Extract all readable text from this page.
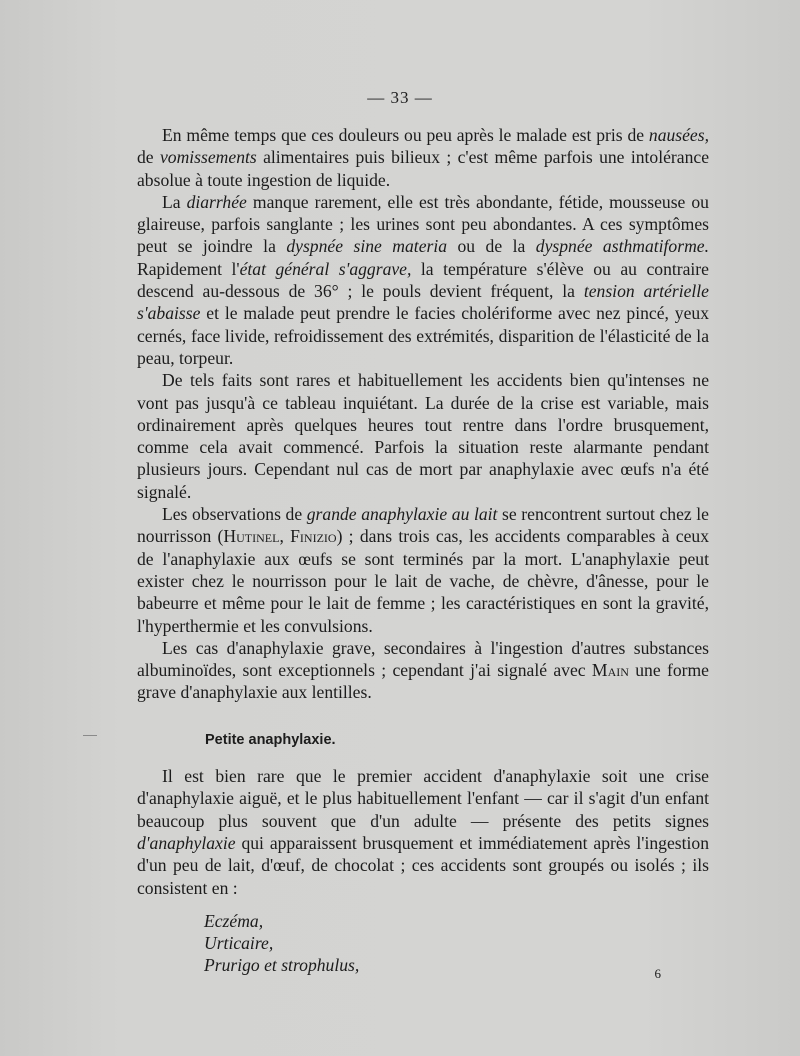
— 33 —

En même temps que ces douleurs ou peu après le malade est pris de nausées, de vomissements alimentaires puis bilieux ; c'est même parfois une intolérance absolue à toute ingestion de liquide.

La diarrhée manque rarement, elle est très abondante, fétide, mousseuse ou glaireuse, parfois sanglante ; les urines sont peu abondantes. A ces symptômes peut se joindre la dyspnée sine materia ou de la dyspnée asthmatiforme. Rapidement l'état général s'aggrave, la température s'élève ou au contraire descend au-dessous de 36° ; le pouls devient fréquent, la tension artérielle s'abaisse et le malade peut prendre le facies cholériforme avec nez pincé, yeux cernés, face livide, refroidissement des extrémités, disparition de l'élasticité de la peau, torpeur.

De tels faits sont rares et habituellement les accidents bien qu'intenses ne vont pas jusqu'à ce tableau inquiétant. La durée de la crise est variable, mais ordinairement après quelques heures tout rentre dans l'ordre brusquement, comme cela avait commencé. Parfois la situation reste alarmante pendant plusieurs jours. Cependant nul cas de mort par anaphylaxie avec œufs n'a été signalé.

Les observations de grande anaphylaxie au lait se rencontrent surtout chez le nourrisson (Hutinel, Finizio) ; dans trois cas, les accidents comparables à ceux de l'anaphylaxie aux œufs se sont terminés par la mort. L'anaphylaxie peut exister chez le nourrisson pour le lait de vache, de chèvre, d'ânesse, pour le babeurre et même pour le lait de femme ; les caractéristiques en sont la gravité, l'hyperthermie et les convulsions.

Les cas d'anaphylaxie grave, secondaires à l'ingestion d'autres substances albuminoïdes, sont exceptionnels ; cependant j'ai signalé avec Main une forme grave d'anaphylaxie aux lentilles.

Petite anaphylaxie.

Il est bien rare que le premier accident d'anaphylaxie soit une crise d'anaphylaxie aiguë, et le plus habituellement l'enfant — car il s'agit d'un enfant beaucoup plus souvent que d'un adulte — présente des petits signes d'anaphylaxie qui apparaissent brusquement et immédiatement après l'ingestion d'un peu de lait, d'œuf, de chocolat ; ces accidents sont groupés ou isolés ; ils consistent en :

Eczéma,
Urticaire,
Prurigo et strophulus,	6
